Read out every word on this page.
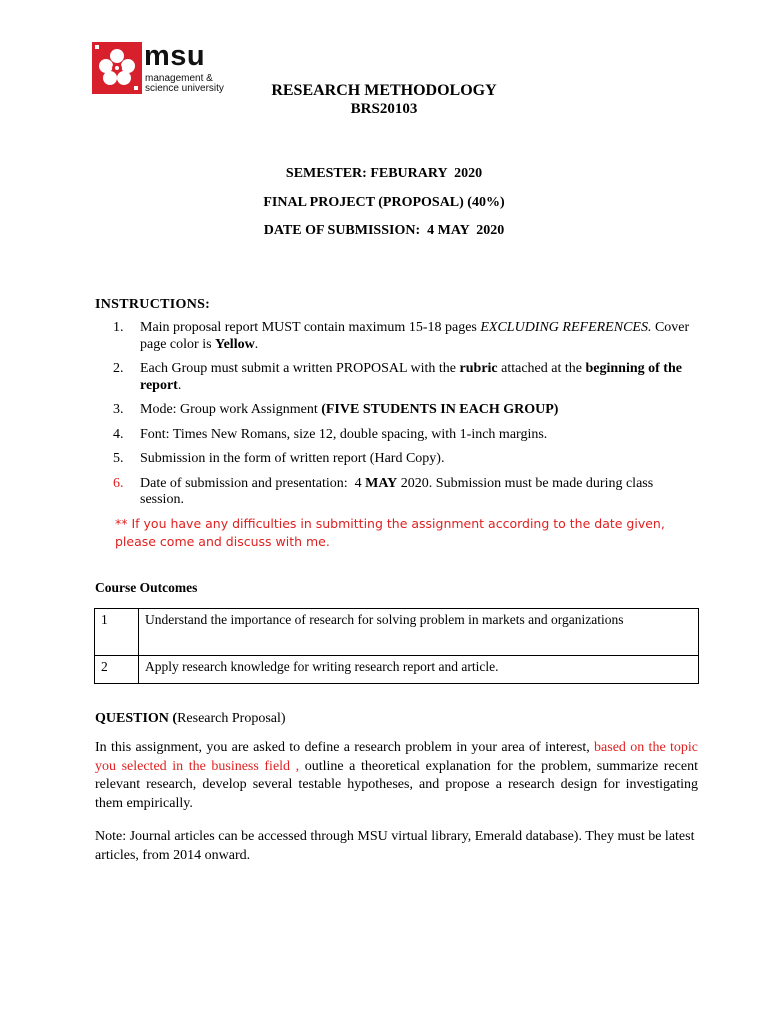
msu
management &
science university	RESEARCH METHODOLOGY
BRS20103
SEMESTER: FEBURARY  2020
FINAL PROJECT (PROPOSAL) (40%)
DATE OF SUBMISSION:  4 MAY  2020
INSTRUCTIONS:
1. Main proposal report MUST contain maximum 15-18 pages EXCLUDING REFERENCES. Cover page color is Yellow.
2. Each Group must submit a written PROPOSAL with the rubric attached at the beginning of the report.
3. Mode: Group work Assignment (FIVE STUDENTS IN EACH GROUP)
4. Font: Times New Romans, size 12, double spacing, with 1-inch margins.
5. Submission in the form of written report (Hard Copy).
6. Date of submission and presentation:  4 MAY 2020. Submission must be made during class session.
** If you have any difficulties in submitting the assignment according to the date given, please come and discuss with me.
Course Outcomes
1	Understand the importance of research for solving problem in markets and organizations
2	Apply research knowledge for writing research report and article.
QUESTION (Research Proposal)
In this assignment, you are asked to define a research problem in your area of interest, based on the topic you selected in the business field , outline a theoretical explanation for the problem, summarize recent relevant research, develop several testable hypotheses, and propose a research design for investigating them empirically.
Note: Journal articles can be accessed through MSU virtual library, Emerald database). They must be latest articles, from 2014 onward.
